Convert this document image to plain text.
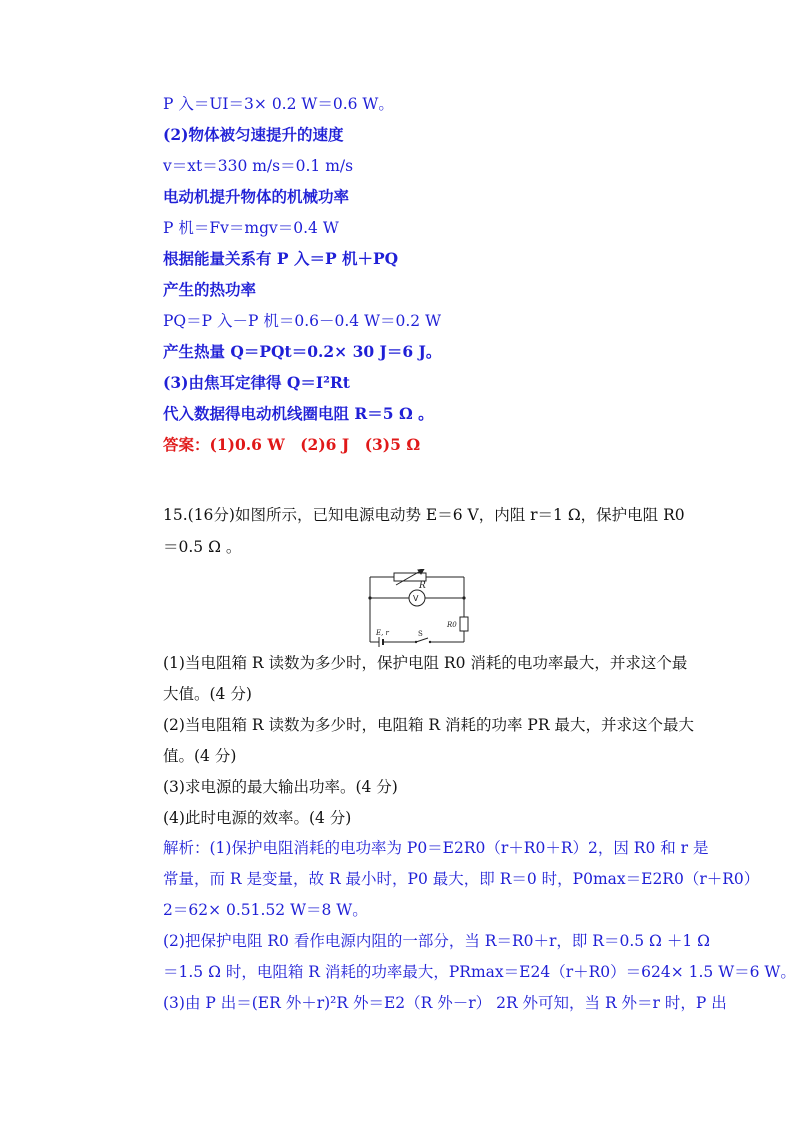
P 入＝UI＝3× 0.2 W＝0.6 W。
(2)物体被匀速提升的速度
v＝xt＝330 m/s＝0.1 m/s
电动机提升物体的机械功率
P 机＝Fv＝mgv＝0.4 W
根据能量关系有 P 入＝P 机＋PQ
产生的热功率
PQ＝P 入－P 机＝0.6－0.4 W＝0.2 W
产生热量 Q＝PQt＝0.2× 30 J＝6 J。
(3)由焦耳定律得 Q＝I²Rt
代入数据得电动机线圈电阻 R＝5 Ω 。
答案：(1)0.6 W　(2)6 J　(3)5 Ω
15.(16分)如图所示，已知电源电动势 E＝6 V，内阻 r＝1 Ω，保护电阻 R0
＝0.5 Ω 。
R
V
R0
E, r	S
(1)当电阻箱 R 读数为多少时，保护电阻 R0 消耗的电功率最大，并求这个最
大值。(4 分)
(2)当电阻箱 R 读数为多少时，电阻箱 R 消耗的功率 PR 最大，并求这个最大
值。(4 分)
(3)求电源的最大输出功率。(4 分)
(4)此时电源的效率。(4 分)
解析：(1)保护电阻消耗的电功率为 P0＝E2R0（r＋R0＋R）2，因 R0 和 r 是
常量，而 R 是变量，故 R 最小时，P0 最大，即 R＝0 时，P0max＝E2R0（r＋R0）
2＝62× 0.51.52 W＝8 W。
(2)把保护电阻 R0 看作电源内阻的一部分，当 R＝R0＋r，即 R＝0.5 Ω ＋1 Ω
＝1.5 Ω 时，电阻箱 R 消耗的功率最大，PRmax＝E24（r＋R0）＝624× 1.5 W＝6 W。
(3)由 P 出＝(ER 外＋r)²R 外＝E2（R 外－r） 2R 外可知，当 R 外＝r 时，P 出
